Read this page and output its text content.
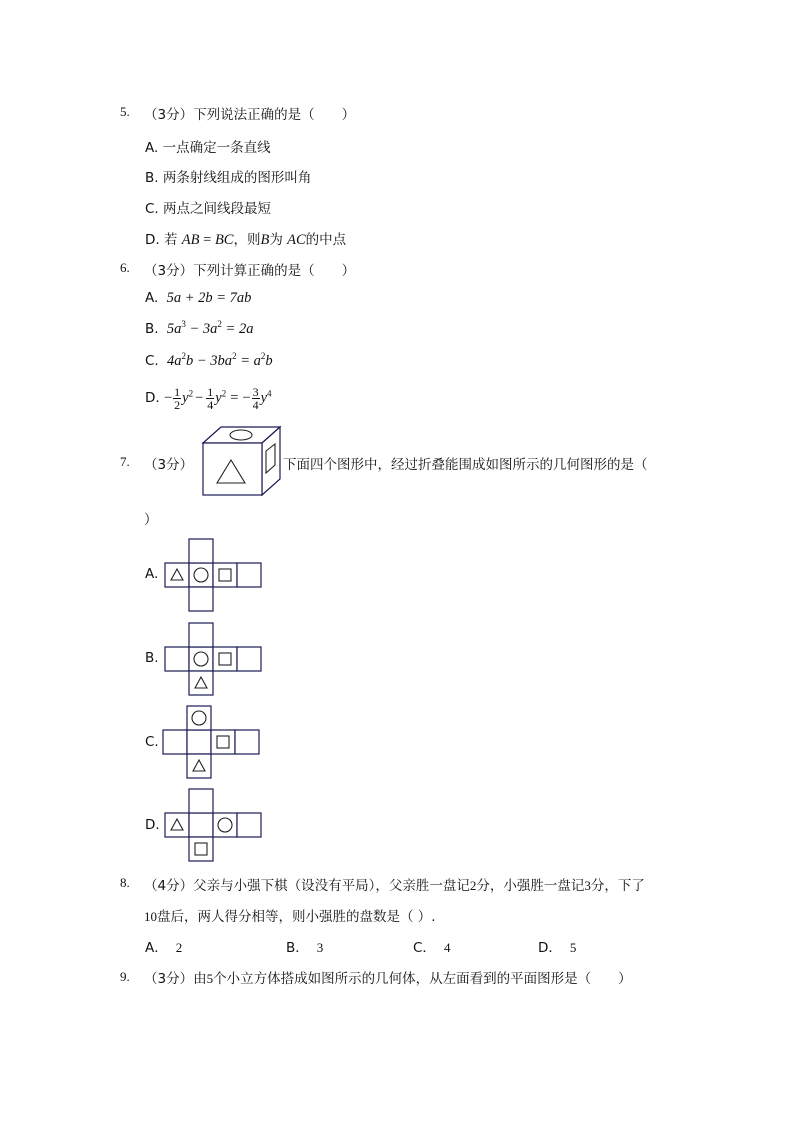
5. （3分）下列说法正确的是（　　）
A. 一点确定一条直线
B. 两条射线组成的图形叫角
C. 两点之间线段最短
D. 若 AB = BC，则B为 AC的中点
6. （3分）下列计算正确的是（　　）
A. 5a + 2b = 7ab
B. $5a^3 - 3a^2 = 2a$
C. $4a^2b - 3ba^2 = a^2b$
D. − $\frac{1}{2} y^2 - \frac{1}{4} y^2$ = − $\frac{3}{4} y^4$
7. （3分）	下面四个图形中，经过折叠能围成如图所示的几何图形的是（
）
A.
B.
C.
D.
8. （4分）父亲与小强下棋（设没有平局），父亲胜一盘记2分，小强胜一盘记3分，下了
10盘后，两人得分相等，则小强胜的盘数是（ ）.
A． 2	B． 3	C． 4	D． 5
9. （3分）由5个小立方体搭成如图所示的几何体，从左面看到的平面图形是（　　）
